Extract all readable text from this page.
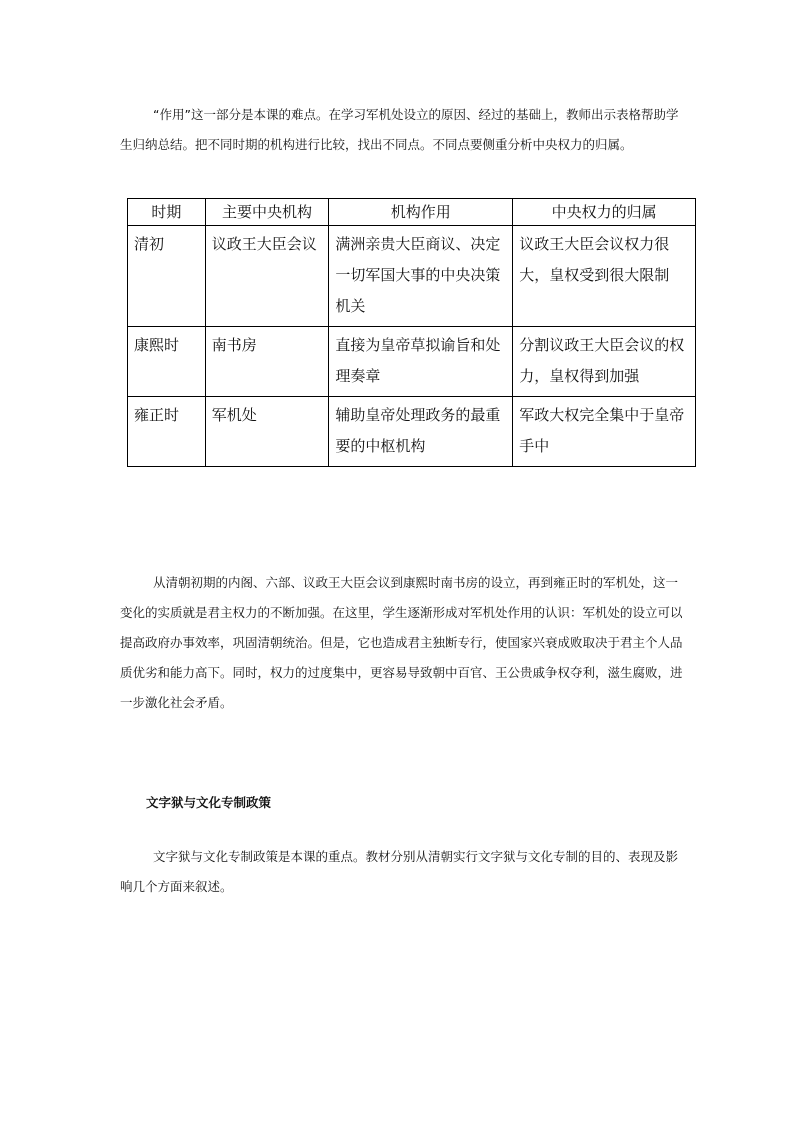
“作用”这一部分是本课的难点。在学习军机处设立的原因、经过的基础上，教师出示表格帮助学生归纳总结。把不同时期的机构进行比较，找出不同点。不同点要侧重分析中央权力的归属。

时期	主要中央机构	机构作用	中央权力的归属
清初	议政王大臣会议	满洲亲贵大臣商议、决定一切军国大事的中央决策机关	议政王大臣会议权力很大，皇权受到很大限制
康熙时	南书房	直接为皇帝草拟谕旨和处理奏章	分割议政王大臣会议的权力，皇权得到加强
雍正时	军机处	辅助皇帝处理政务的最重要的中枢机构	军政大权完全集中于皇帝手中

从清朝初期的内阁、六部、议政王大臣会议到康熙时南书房的设立，再到雍正时的军机处，这一变化的实质就是君主权力的不断加强。在这里，学生逐渐形成对军机处作用的认识：军机处的设立可以提高政府办事效率，巩固清朝统治。但是，它也造成君主独断专行，使国家兴衰成败取决于君主个人品质优劣和能力高下。同时，权力的过度集中，更容易导致朝中百官、王公贵戚争权夺利，滋生腐败，进一步激化社会矛盾。

文字狱与文化专制政策

文字狱与文化专制政策是本课的重点。教材分别从清朝实行文字狱与文化专制的目的、表现及影响几个方面来叙述。
